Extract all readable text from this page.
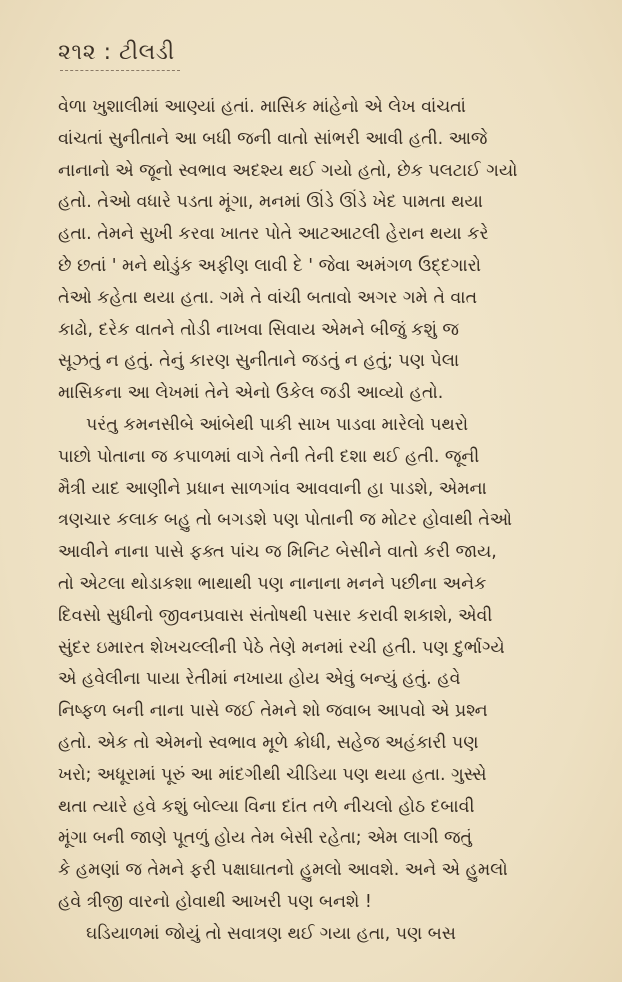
૨૧૨ : ટીલડી

વેળા ખુશાલીમાં આણ્યાં હતાં. માસિક માંહેનો એ લેખ વાંચતાં
વાંચતાં સુનીતાને આ બધી જની વાતો સાંભરી આવી હતી. આજે
નાનાનો એ જૂનો સ્વભાવ અદશ્ય થઈ ગયો હતો, છેક પલટાઈ ગયો
હતો. તેઓ વધારે પડતા મૂંગા, મનમાં ઊંડે ઊંડે ખેદ પામતા થયા
હતા. તેમને સુખી કરવા ખાતર પોતે આટઆટલી હેરાન થયા કરે
છે છતાં ' મને થોડુંક અફીણ લાવી દે ' જેવા અમંગળ ઉદ્દગારો
તેઓ કહેતા થયા હતા. ગમે તે વાંચી બતાવો અગર ગમે તે વાત
કાઢો, દરેક વાતને તોડી નાખવા સિવાય એમને બીજું કશું જ
સૂઝતું ન હતું. તેનું કારણ સુનીતાને જડતું ન હતું; પણ પેલા
માસિકના આ લેખમાં તેને એનો ઉકેલ જડી આવ્યો હતો.

પરંતુ કમનસીબે આંબેથી પાકી સાખ પાડવા મારેલો પથરો
પાછો પોતાના જ કપાળમાં વાગે તેની તેની દશા થઈ હતી. જૂની
મૈત્રી યાદ આણીને પ્રધાન સાળગાંવ આવવાની હા પાડશે, એમના
ત્રણચાર કલાક બહુ તો બગડશે પણ પોતાની જ મોટર હોવાથી તેઓ
આવીને નાના પાસે ફક્ત પાંચ જ મિનિટ બેસીને વાતો કરી જાય,
તો એટલા થોડાકશા ભાથાથી પણ નાનાના મનને પછીના અનેક
દિવસો સુધીનો જીવનપ્રવાસ સંતોષથી પસાર કરાવી શકાશે, એવી
સુંદર ઇમારત શેખચલ્લીની પેઠે તેણે મનમાં રચી હતી. પણ દુર્ભાગ્યે
એ હવેલીના પાયા રેતીમાં નખાયા હોય એવું બન્યું હતું. હવે
નિષ્ફળ બની નાના પાસે જઈ તેમને શો જવાબ આપવો એ પ્રશ્ન
હતો. એક તો એમનો સ્વભાવ મૂળે ક્રોધી, સહેજ અહંકારી પણ
ખરો; અધૂરામાં પૂરું આ માંદગીથી ચીડિયા પણ થયા હતા. ગુસ્સે
થતા ત્યારે હવે કશું બોલ્યા વિના દાંત તળે નીચલો હોઠ દબાવી
મૂંગા બની જાણે પૂતળું હોય તેમ બેસી રહેતા; એમ લાગી જતું
કે હમણાં જ તેમને ફરી પક્ષાઘાતનો હુમલો આવશે. અને એ હુમલો
હવે ત્રીજી વારનો હોવાથી આખરી પણ બનશે !

ઘડિયાળમાં જોયું તો સવાત્રણ થઈ ગયા હતા, પણ બસ
